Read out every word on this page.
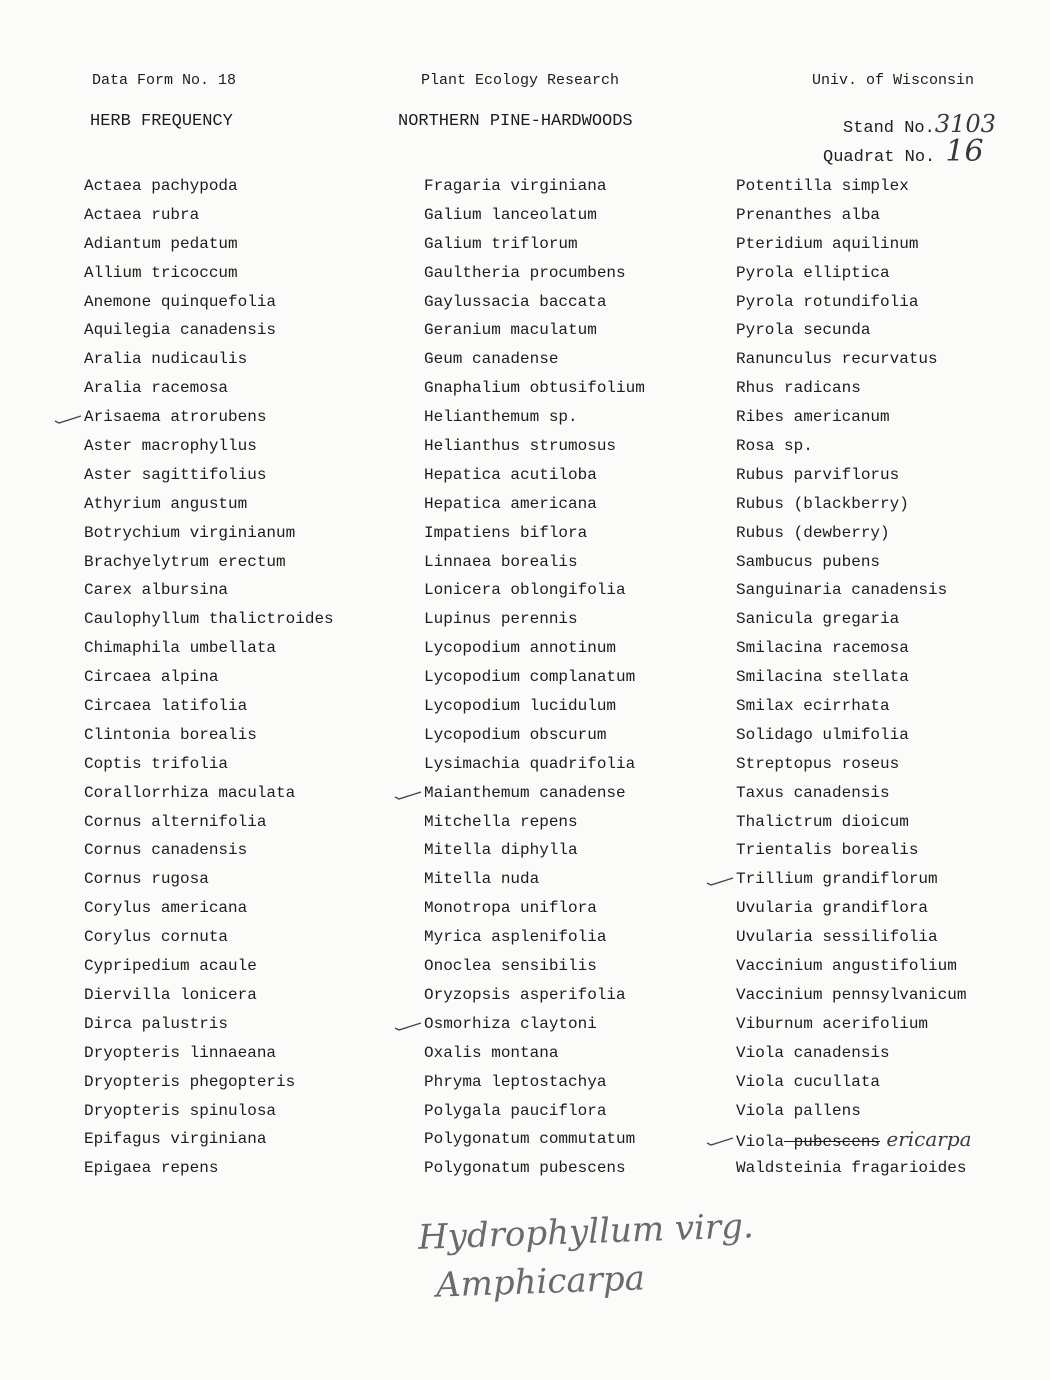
Data Form No. 18	Plant Ecology Research	Univ. of Wisconsin
HERB FREQUENCY	NORTHERN PINE-HARDWOODS	Stand No.3103
Quadrat No. 16
Actaea pachypoda
Actaea rubra
Adiantum pedatum
Allium tricoccum
Anemone quinquefolia
Aquilegia canadensis
Aralia nudicaulis
Aralia racemosa
Arisaema atrorubens
Aster macrophyllus
Aster sagittifolius
Athyrium angustum
Botrychium virginianum
Brachyelytrum erectum
Carex albursina
Caulophyllum thalictroides
Chimaphila umbellata
Circaea alpina
Circaea latifolia
Clintonia borealis
Coptis trifolia
Corallorrhiza maculata
Cornus alternifolia
Cornus canadensis
Cornus rugosa
Corylus americana
Corylus cornuta
Cypripedium acaule
Diervilla lonicera
Dirca palustris
Dryopteris linnaeana
Dryopteris phegopteris
Dryopteris spinulosa
Epifagus virginiana
Epigaea repens
Fragaria virginiana
Galium lanceolatum
Galium triflorum
Gaultheria procumbens
Gaylussacia baccata
Geranium maculatum
Geum canadense
Gnaphalium obtusifolium
Helianthemum sp.
Helianthus strumosus
Hepatica acutiloba
Hepatica americana
Impatiens biflora
Linnaea borealis
Lonicera oblongifolia
Lupinus perennis
Lycopodium annotinum
Lycopodium complanatum
Lycopodium lucidulum
Lycopodium obscurum
Lysimachia quadrifolia
Maianthemum canadense
Mitchella repens
Mitella diphylla
Mitella nuda
Monotropa uniflora
Myrica asplenifolia
Onoclea sensibilis
Oryzopsis asperifolia
Osmorhiza claytoni
Oxalis montana
Phryma leptostachya
Polygala pauciflora
Polygonatum commutatum
Polygonatum pubescens
Potentilla simplex
Prenanthes alba
Pteridium aquilinum
Pyrola elliptica
Pyrola rotundifolia
Pyrola secunda
Ranunculus recurvatus
Rhus radicans
Ribes americanum
Rosa sp.
Rubus parviflorus
Rubus (blackberry)
Rubus (dewberry)
Sambucus pubens
Sanguinaria canadensis
Sanicula gregaria
Smilacina racemosa
Smilacina stellata
Smilax ecirrhata
Solidago ulmifolia
Streptopus roseus
Taxus canadensis
Thalictrum dioicum
Trientalis borealis
Trillium grandiflorum
Uvularia grandiflora
Uvularia sessilifolia
Vaccinium angustifolium
Vaccinium pennsylvanicum
Viburnum acerifolium
Viola canadensis
Viola cucullata
Viola pallens
Viola pubescens ericarpa
Waldsteinia fragarioides
Hydrophyllum virg.
Amphicarpa
